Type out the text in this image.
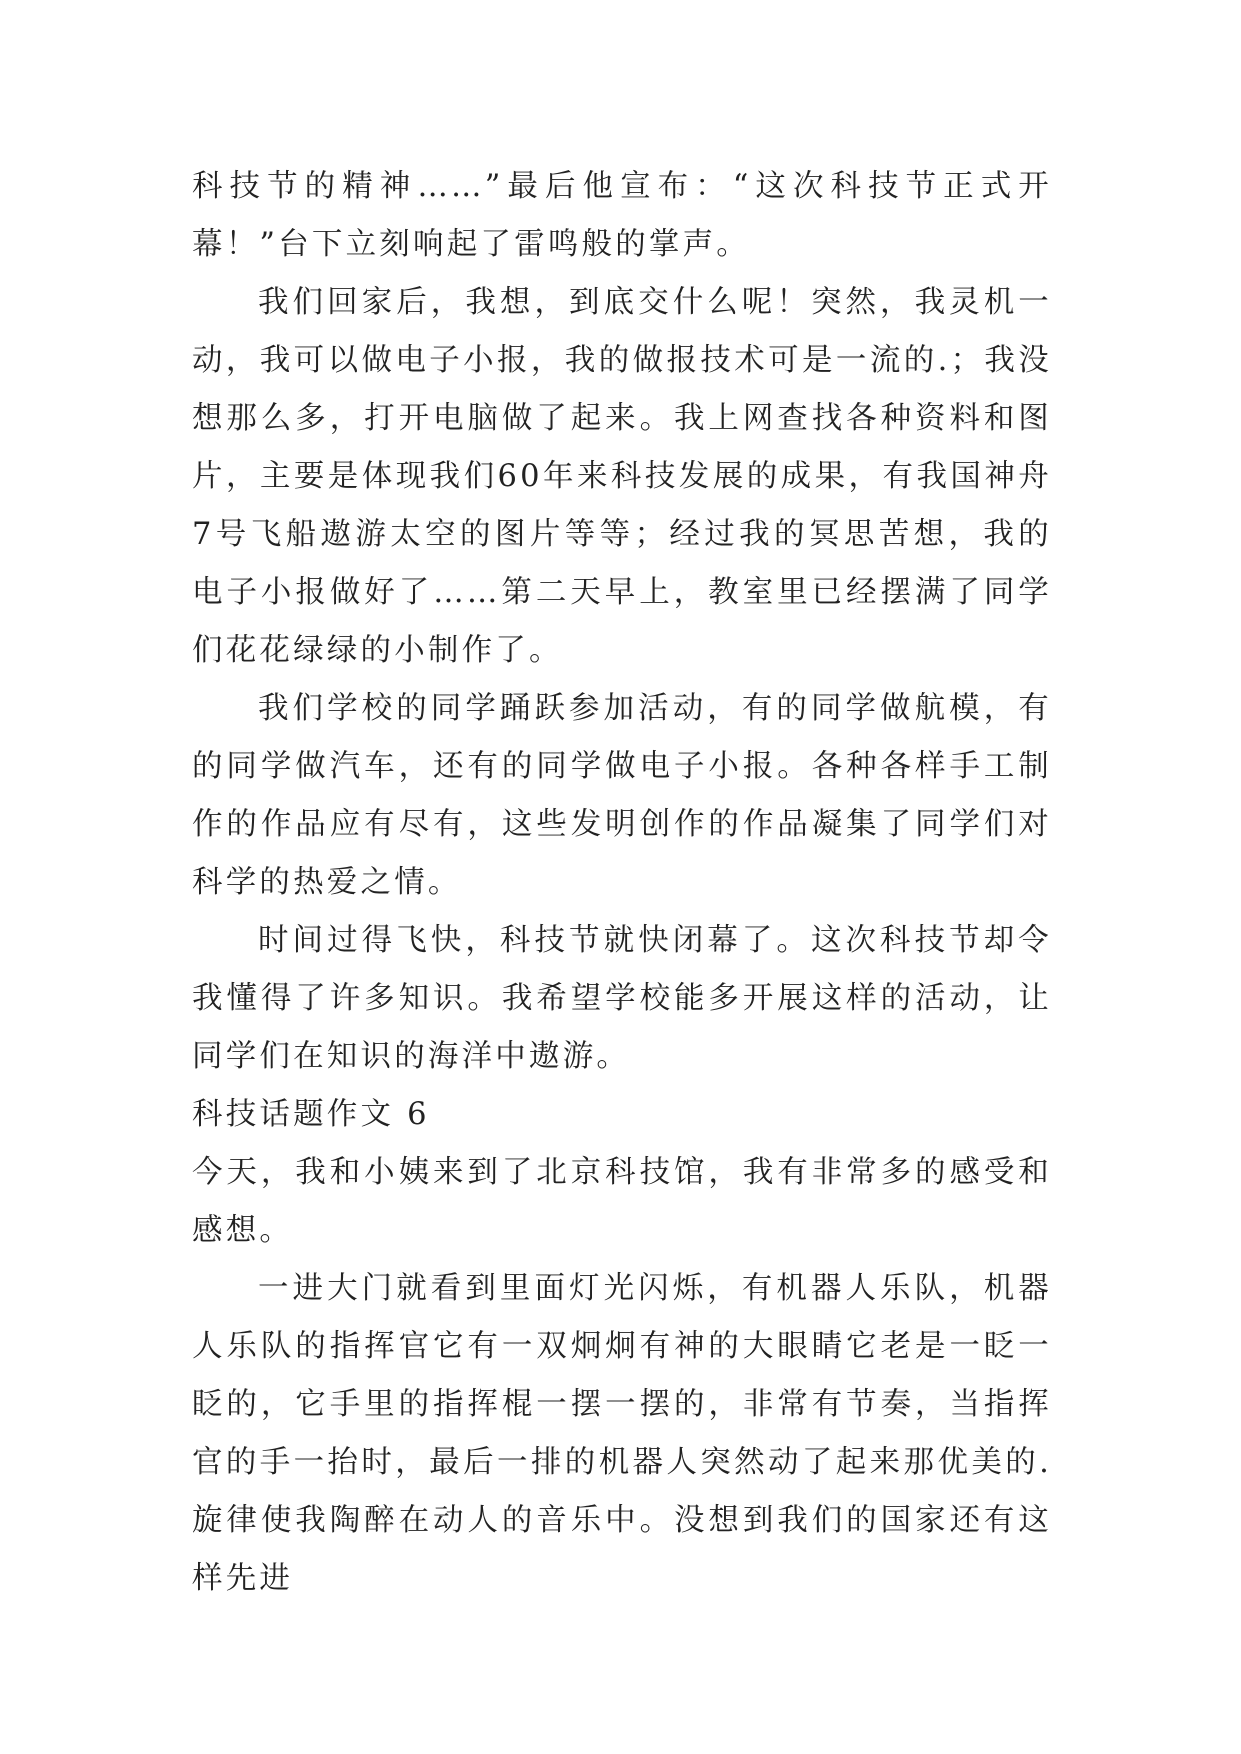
科技节的精神……”最后他宣布：“这次科技节正式开幕！”台下立刻响起了雷鸣般的掌声。

我们回家后，我想，到底交什么呢！突然，我灵机一动，我可以做电子小报，我的做报技术可是一流的.；我没想那么多，打开电脑做了起来。我上网查找各种资料和图片，主要是体现我们60年来科技发展的成果，有我国神舟7号飞船遨游太空的图片等等；经过我的冥思苦想，我的电子小报做好了……第二天早上，教室里已经摆满了同学们花花绿绿的小制作了。

我们学校的同学踊跃参加活动，有的同学做航模，有的同学做汽车，还有的同学做电子小报。各种各样手工制作的作品应有尽有，这些发明创作的作品凝集了同学们对科学的热爱之情。

时间过得飞快，科技节就快闭幕了。这次科技节却令我懂得了许多知识。我希望学校能多开展这样的活动，让同学们在知识的海洋中遨游。

科技话题作文 6

今天，我和小姨来到了北京科技馆，我有非常多的感受和感想。

一进大门就看到里面灯光闪烁，有机器人乐队，机器人乐队的指挥官它有一双炯炯有神的大眼睛它老是一眨一眨的，它手里的指挥棍一摆一摆的，非常有节奏，当指挥官的手一抬时，最后一排的机器人突然动了起来那优美的.旋律使我陶醉在动人的音乐中。没想到我们的国家还有这样先进
